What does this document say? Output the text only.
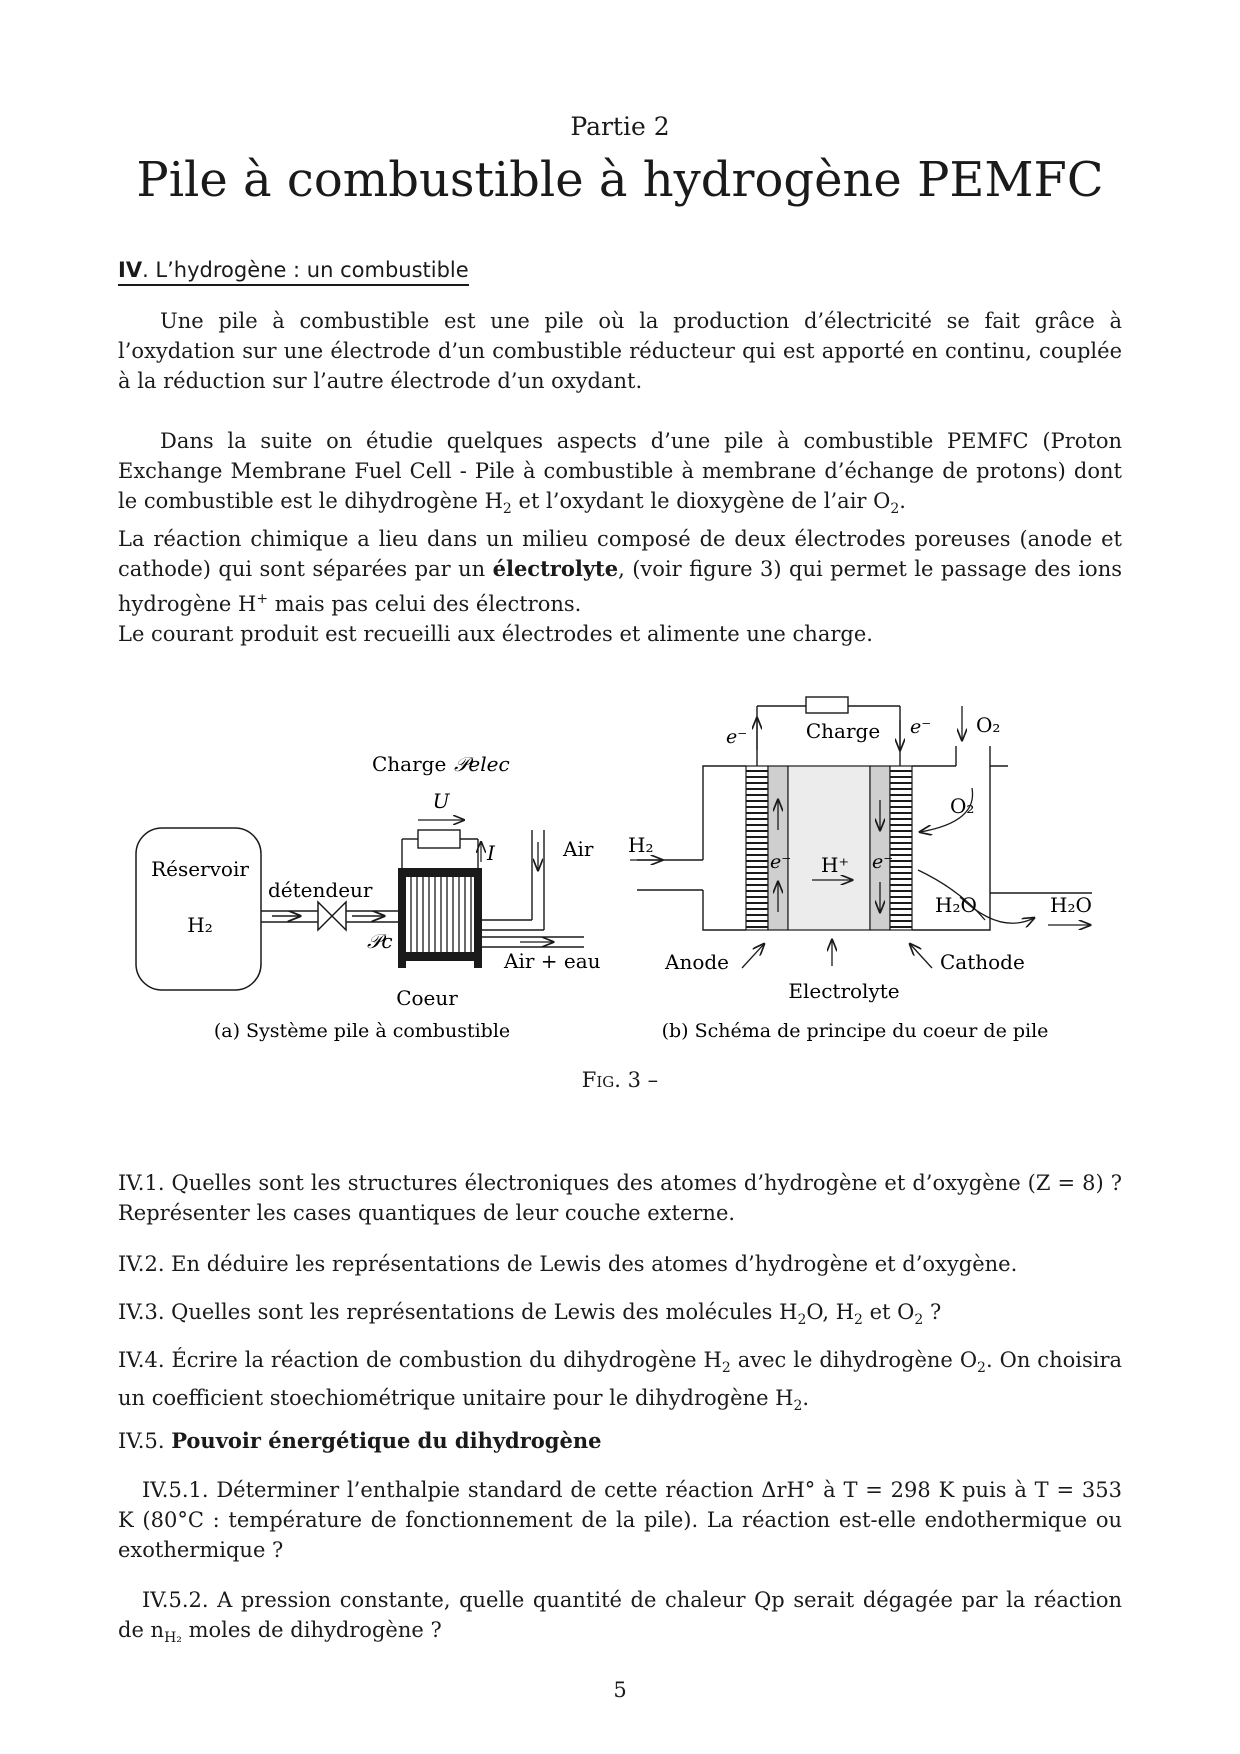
Partie 2
Pile à combustible à hydrogène PEMFC
IV. L’hydrogène : un combustible
Une pile à combustible est une pile où la production d’électricité se fait grâce à l’oxydation sur une électrode d’un combustible réducteur qui est apporté en continu, couplée à la réduction sur l’autre électrode d’un oxydant.
Dans la suite on étudie quelques aspects d’une pile à combustible PEMFC (Proton Exchange Membrane Fuel Cell - Pile à combustible à membrane d’échange de protons) dont le combustible est le dihydrogène $H_2$ et l’oxydant le dioxygène de l’air $O_2$.
La réaction chimique a lieu dans un milieu composé de deux électrodes poreuses (anode et cathode) qui sont séparées par un électrolyte, (voir figure 3) qui permet le passage des ions hydrogène H+ mais pas celui des électrons.
Le courant produit est recueilli aux électrodes et alimente une charge.
Réservoir
H₂
détendeur
𝒫c
Coeur
U
I
Charge 𝒫elec
Air
Air + eau
(a) Système pile à combustible
H₂
Charge
e⁻	e⁻ O₂
O₂
e⁻	e⁻
H⁺
H₂O	H₂O
Anode
Electrolyte
Cathode
(b) Schéma de principe du coeur de pile
Fig. 3 –
IV.1. Quelles sont les structures électroniques des atomes d’hydrogène et d’oxygène (Z = 8) ? Représenter les cases quantiques de leur couche externe.
IV.2. En déduire les représentations de Lewis des atomes d’hydrogène et d’oxygène.
IV.3. Quelles sont les représentations de Lewis des molécules $H_2O$, $H_2$ et $O_2$ ?
IV.4. Écrire la réaction de combustion du dihydrogène $H_2$ avec le dihydrogène $O_2$. On choisira un coefficient stoechiométrique unitaire pour le dihydrogène $H_2$.
IV.5. Pouvoir énergétique du dihydrogène
IV.5.1. Déterminer l’enthalpie standard de cette réaction ΔrH° à T = 298 K puis à T = 353 K (80°C : température de fonctionnement de la pile). La réaction est-elle endothermique ou exothermique ?
IV.5.2. A pression constante, quelle quantité de chaleur Qp serait dégagée par la réaction de $n_{H_2}$ moles de dihydrogène ?
5
